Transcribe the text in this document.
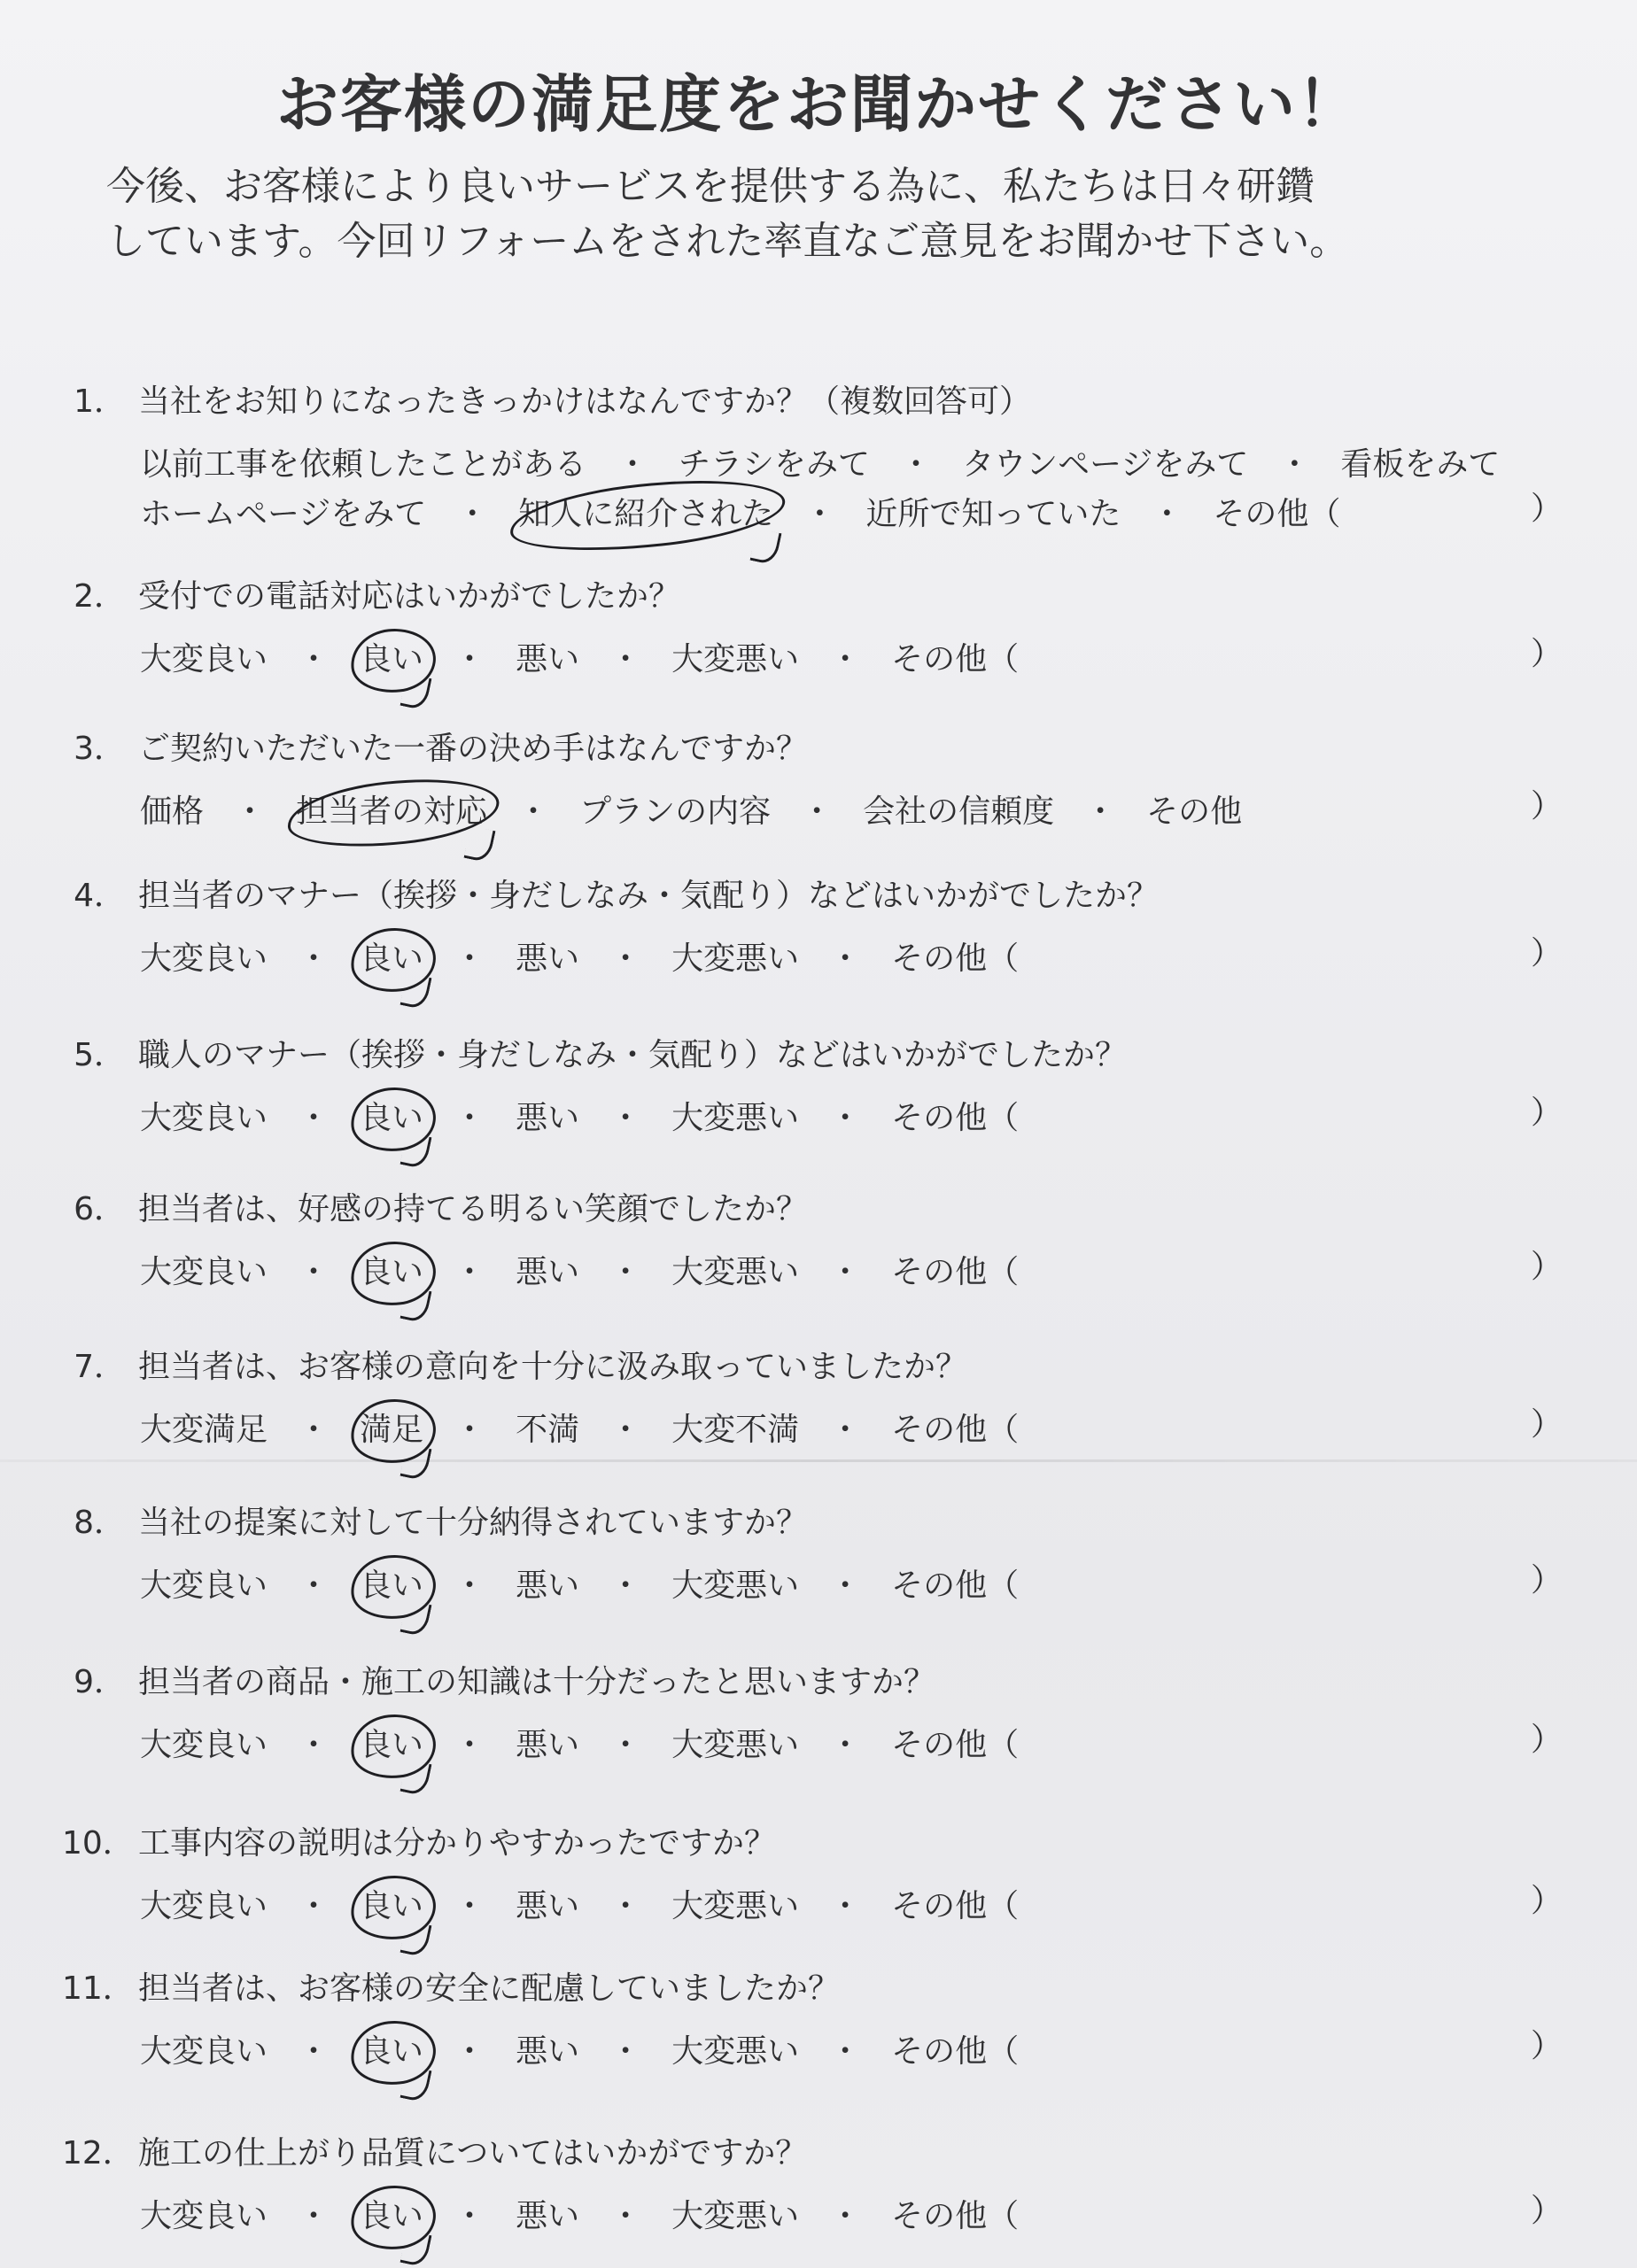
お客様の満足度をお聞かせください！
今後、お客様により良いサービスを提供する為に、私たちは日々研鑽
しています。今回リフォームをされた率直なご意見をお聞かせ下さい。
1． 当社をお知りになったきっかけはなんですか？（複数回答可）
以前工事を依頼したことがある ・ チラシをみて ・ タウンページをみて ・ 看板をみて
ホームページをみて ・ 知人に紹介された ・ 近所で知っていた ・ その他（	）
2． 受付での電話対応はいかがでしたか？
大変良い ・ 良い ・ 悪い ・ 大変悪い ・ その他（	）
3． ご契約いただいた一番の決め手はなんですか？
価格 ・ 担当者の対応 ・ プランの内容 ・ 会社の信頼度 ・ その他	）
4． 担当者のマナー（挨拶・身だしなみ・気配り）などはいかがでしたか？
大変良い ・ 良い ・ 悪い ・ 大変悪い ・ その他（	）
5． 職人のマナー（挨拶・身だしなみ・気配り）などはいかがでしたか？
大変良い ・ 良い ・ 悪い ・ 大変悪い ・ その他（	）
6． 担当者は、好感の持てる明るい笑顔でしたか？
大変良い ・ 良い ・ 悪い ・ 大変悪い ・ その他（	）
7． 担当者は、お客様の意向を十分に汲み取っていましたか？
大変満足 ・ 満足 ・ 不満 ・ 大変不満 ・ その他（	）
8． 当社の提案に対して十分納得されていますか？
大変良い ・ 良い ・ 悪い ・ 大変悪い ・ その他（	）
9． 担当者の商品・施工の知識は十分だったと思いますか？
大変良い ・ 良い ・ 悪い ・ 大変悪い ・ その他（	）
10． 工事内容の説明は分かりやすかったですか？
大変良い ・ 良い ・ 悪い ・ 大変悪い ・ その他（	）
11． 担当者は、お客様の安全に配慮していましたか？
大変良い ・ 良い ・ 悪い ・ 大変悪い ・ その他（	）
12． 施工の仕上がり品質についてはいかがですか？
大変良い ・ 良い ・ 悪い ・ 大変悪い ・ その他（	）
